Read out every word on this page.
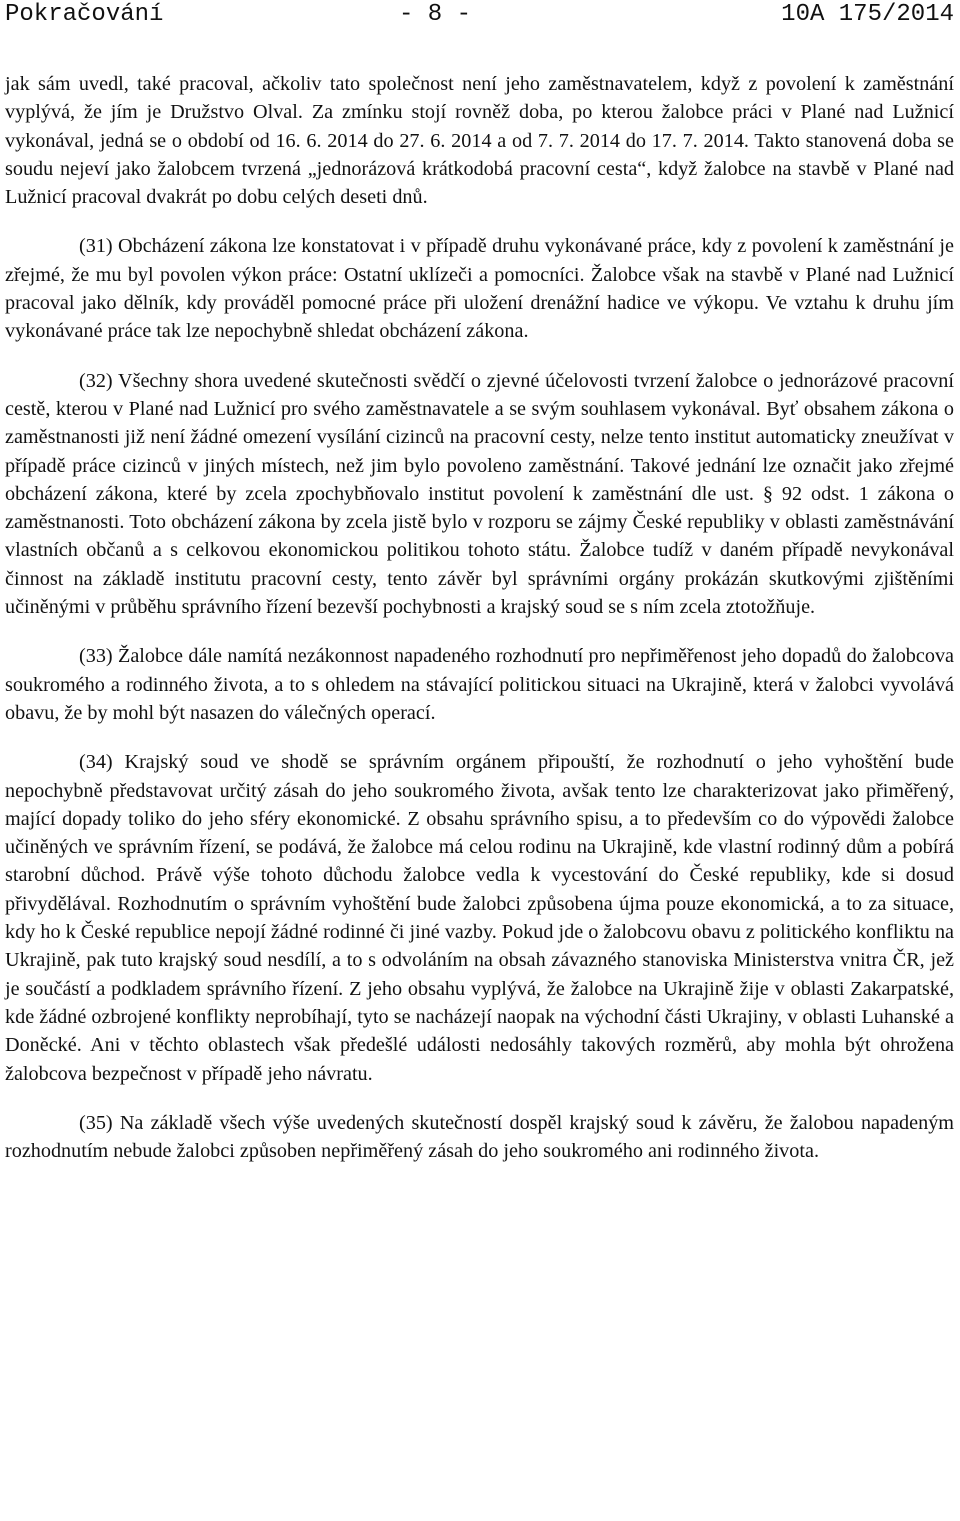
Pokračování	- 8 -	10A 175/2014

jak sám uvedl, také pracoval, ačkoliv tato společnost není jeho zaměstnavatelem, když z povolení k zaměstnání vyplývá, že jím je Družstvo Olval. Za zmínku stojí rovněž doba, po kterou žalobce práci v Plané nad Lužnicí vykonával, jedná se o období od 16. 6. 2014 do 27. 6. 2014 a od 7. 7. 2014 do 17. 7. 2014. Takto stanovená doba se soudu nejeví jako žalobcem tvrzená „jednorázová krátkodobá pracovní cesta“, když žalobce na stavbě v Plané nad Lužnicí pracoval dvakrát po dobu celých deseti dnů.

(31) Obcházení zákona lze konstatovat i v případě druhu vykonávané práce, kdy z povolení k zaměstnání je zřejmé, že mu byl povolen výkon práce: Ostatní uklízeči a pomocníci. Žalobce však na stavbě v Plané nad Lužnicí pracoval jako dělník, kdy prováděl pomocné práce při uložení drenážní hadice ve výkopu. Ve vztahu k druhu jím vykonávané práce tak lze nepochybně shledat obcházení zákona.

(32) Všechny shora uvedené skutečnosti svědčí o zjevné účelovosti tvrzení žalobce o jednorázové pracovní cestě, kterou v Plané nad Lužnicí pro svého zaměstnavatele a se svým souhlasem vykonával. Byť obsahem zákona o zaměstnanosti již není žádné omezení vysílání cizinců na pracovní cesty, nelze tento institut automaticky zneužívat v případě práce cizinců v jiných místech, než jim bylo povoleno zaměstnání. Takové jednání lze označit jako zřejmé obcházení zákona, které by zcela zpochybňovalo institut povolení k zaměstnání dle ust. § 92 odst. 1 zákona o zaměstnanosti. Toto obcházení zákona by zcela jistě bylo v rozporu se zájmy České republiky v oblasti zaměstnávání vlastních občanů a s celkovou ekonomickou politikou tohoto státu. Žalobce tudíž v daném případě nevykonával činnost na základě institutu pracovní cesty, tento závěr byl správními orgány prokázán skutkovými zjištěními učiněnými v průběhu správního řízení bezevší pochybnosti a krajský soud se s ním zcela ztotožňuje.

(33) Žalobce dále namítá nezákonnost napadeného rozhodnutí pro nepřiměřenost jeho dopadů do žalobcova soukromého a rodinného života, a to s ohledem na stávající politickou situaci na Ukrajině, která v žalobci vyvolává obavu, že by mohl být nasazen do válečných operací.

(34) Krajský soud ve shodě se správním orgánem připouští, že rozhodnutí o jeho vyhoštění bude nepochybně představovat určitý zásah do jeho soukromého života, avšak tento lze charakterizovat jako přiměřený, mající dopady toliko do jeho sféry ekonomické. Z obsahu správního spisu, a to především co do výpovědi žalobce učiněných ve správním řízení, se podává, že žalobce má celou rodinu na Ukrajině, kde vlastní rodinný dům a pobírá starobní důchod. Právě výše tohoto důchodu žalobce vedla k vycestování do České republiky, kde si dosud přivydělával. Rozhodnutím o správním vyhoštění bude žalobci způsobena újma pouze ekonomická, a to za situace, kdy ho k České republice nepojí žádné rodinné či jiné vazby. Pokud jde o žalobcovu obavu z politického konfliktu na Ukrajině, pak tuto krajský soud nesdílí, a to s odvoláním na obsah závazného stanoviska Ministerstva vnitra ČR, jež je součástí a podkladem správního řízení. Z jeho obsahu vyplývá, že žalobce na Ukrajině žije v oblasti Zakarpatské, kde žádné ozbrojené konflikty neprobíhají, tyto se nacházejí naopak na východní části Ukrajiny, v oblasti Luhanské a Doněcké. Ani v těchto oblastech však předešlé události nedosáhly takových rozměrů, aby mohla být ohrožena žalobcova bezpečnost v případě jeho návratu.

(35) Na základě všech výše uvedených skutečností dospěl krajský soud k závěru, že žalobou napadeným rozhodnutím nebude žalobci způsoben nepřiměřený zásah do jeho soukromého ani rodinného života.
